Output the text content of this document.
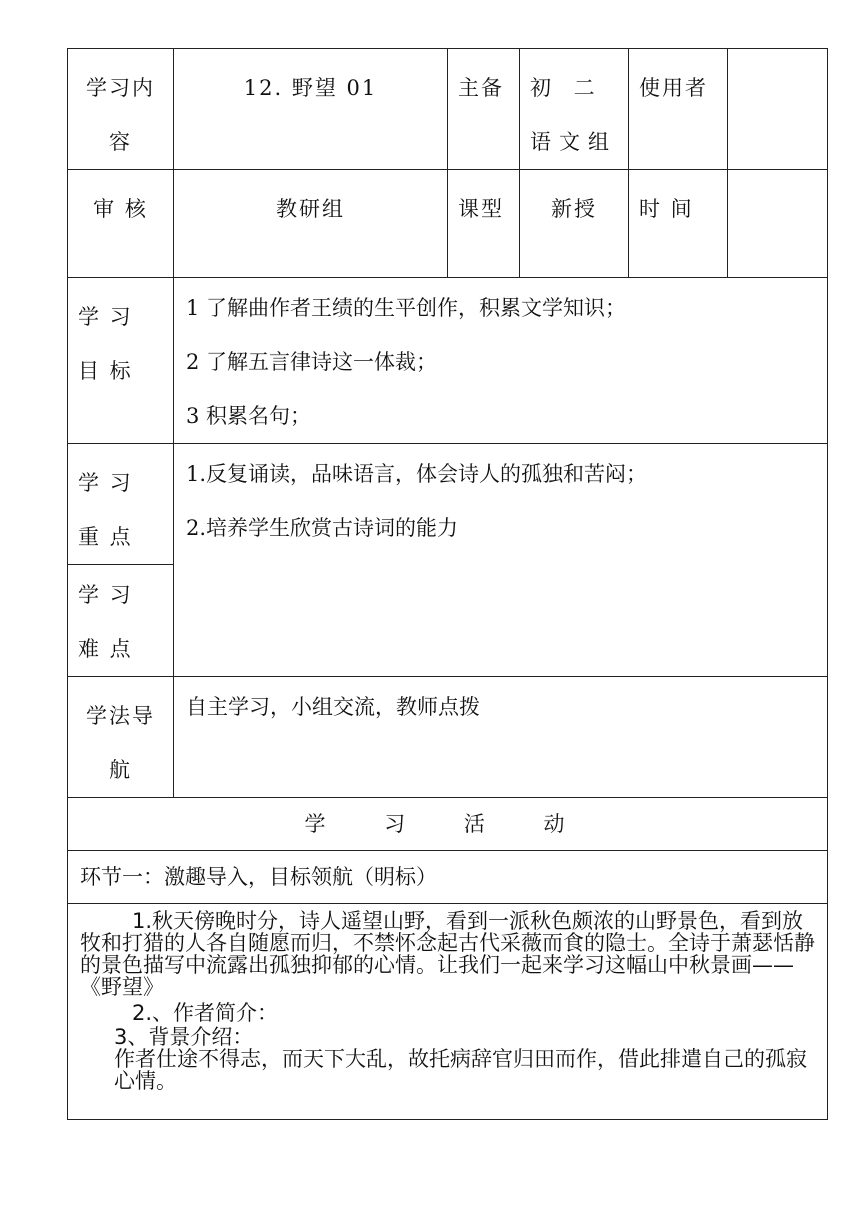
学习内容	12. 野望 01	主备	初 二语文组	使用者	
审 核	教研组	课型	新授	时 间	
学 习 目 标	1 了解曲作者王绩的生平创作，积累文学知识；
2 了解五言律诗这一体裁；
3 积累名句；				

学 习 重 点	1.反复诵读，品味语言，体会诗人的孤独和苦闷；
2.培养学生欣赏古诗词的能力				

学 习 难 点					
学法导航	自主学习，小组交流，教师点拨				
学 习 活 动					
环节一：激趣导入，目标领航（明标）					

1.秋天傍晚时分，诗人遥望山野，看到一派秋色颇浓的山野景色，看到放牧和打猎的人各自随愿而归，不禁怀念起古代采薇而食的隐士。全诗于萧瑟恬静的景色描写中流露出孤独抑郁的心情。让我们一起来学习这幅山中秋景画——《野望》

2.、作者简介：

3、背景介绍：

作者仕途不得志，而天下大乱，故托病辞官归田而作，借此排遣自己的孤寂心情。					
